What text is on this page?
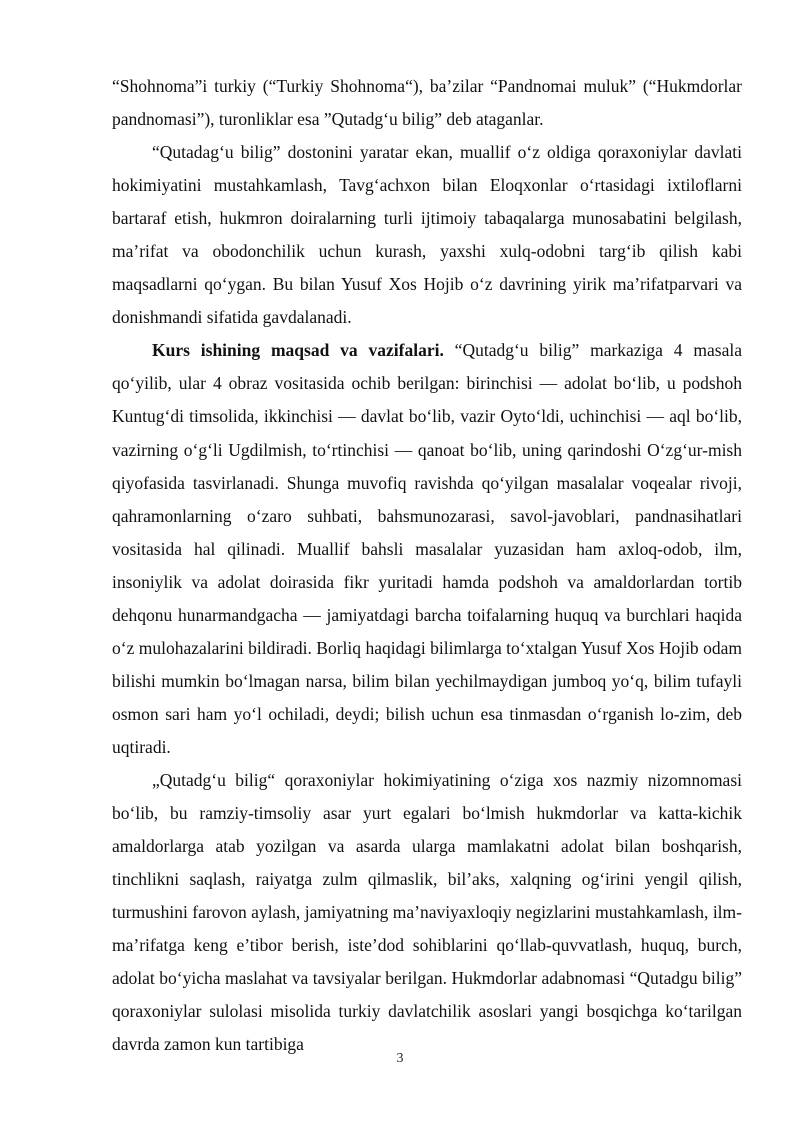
“Shohnoma”i turkiy (“Turkiy Shohnoma“), ba’zilar “Pandnomai muluk” (“Hukmdorlar pandnomasi”), turonliklar esa ”Qutadg‘u bilig” deb ataganlar.

“Qutadag‘u bilig” dostonini yaratar ekan, muallif o‘z oldiga qoraxoniylar davlati hokimiyatini mustahkamlash, Tavg‘achxon bilan Eloqxonlar o‘rtasidagi ixtiloflarni bartaraf etish, hukmron doiralarning turli ijtimoiy tabaqalarga munosabatini belgilash, ma’rifat va obodonchilik uchun kurash, yaxshi xulq-odobni targ‘ib qilish kabi maqsadlarni qo‘ygan. Bu bilan Yusuf Xos Hojib o‘z davrining yirik ma’rifatparvari va donishmandi sifatida gavdalanadi.

Kurs ishining maqsad va vazifalari. “Qutadg‘u bilig” markaziga 4 masala qo‘yilib, ular 4 obraz vositasida ochib berilgan: birinchisi — adolat bo‘lib, u podshoh Kuntug‘di timsolida, ikkinchisi — davlat bo‘lib, vazir Oyto‘ldi, uchinchisi — aql bo‘lib, vazirning o‘g‘li Ugdilmish, to‘rtinchisi — qanoat bo‘lib, uning qarindoshi O‘zg‘ur-mish qiyofasida tasvirlanadi. Shunga muvofiq ravishda qo‘yilgan masalalar voqealar rivoji, qahramonlarning o‘zaro suhbati, bahsmunozarasi, savol-javoblari, pandnasihatlari vositasida hal qilinadi. Muallif bahsli masalalar yuzasidan ham axloq-odob, ilm, insoniylik va adolat doirasida fikr yuritadi hamda podshoh va amaldorlardan tortib dehqonu hunarmandgacha — jamiyatdagi barcha toifalarning huquq va burchlari haqida o‘z mulohazalarini bildiradi. Borliq haqidagi bilimlarga to‘xtalgan Yusuf Xos Hojib odam bilishi mumkin bo‘lmagan narsa, bilim bilan yechilmaydigan jumboq yo‘q, bilim tufayli osmon sari ham yo‘l ochiladi, deydi; bilish uchun esa tinmasdan o‘rganish lo-zim, deb uqtiradi.

„Qutadg‘u bilig“ qoraxoniylar hokimiyatining o‘ziga xos nazmiy nizomnomasi bo‘lib, bu ramziy-timsoliy asar yurt egalari bo‘lmish hukmdorlar va katta-kichik amaldorlarga atab yozilgan va asarda ularga mamlakatni adolat bilan boshqarish, tinchlikni saqlash, raiyatga zulm qilmaslik, bil’aks, xalqning og‘irini yengil qilish, turmushini farovon aylash, jamiyatning ma’naviyaxloqiy negizlarini mustahkamlash, ilm-ma’rifatga keng e’tibor berish, iste’dod sohiblarini qo‘llab-quvvatlash, huquq, burch, adolat bo‘yicha maslahat va tavsiyalar berilgan. Hukmdorlar adabnomasi “Qutadgu bilig” qoraxoniylar sulolasi misolida turkiy davlatchilik asoslari yangi bosqichga ko‘tarilgan davrda zamon kun tartibiga

3
